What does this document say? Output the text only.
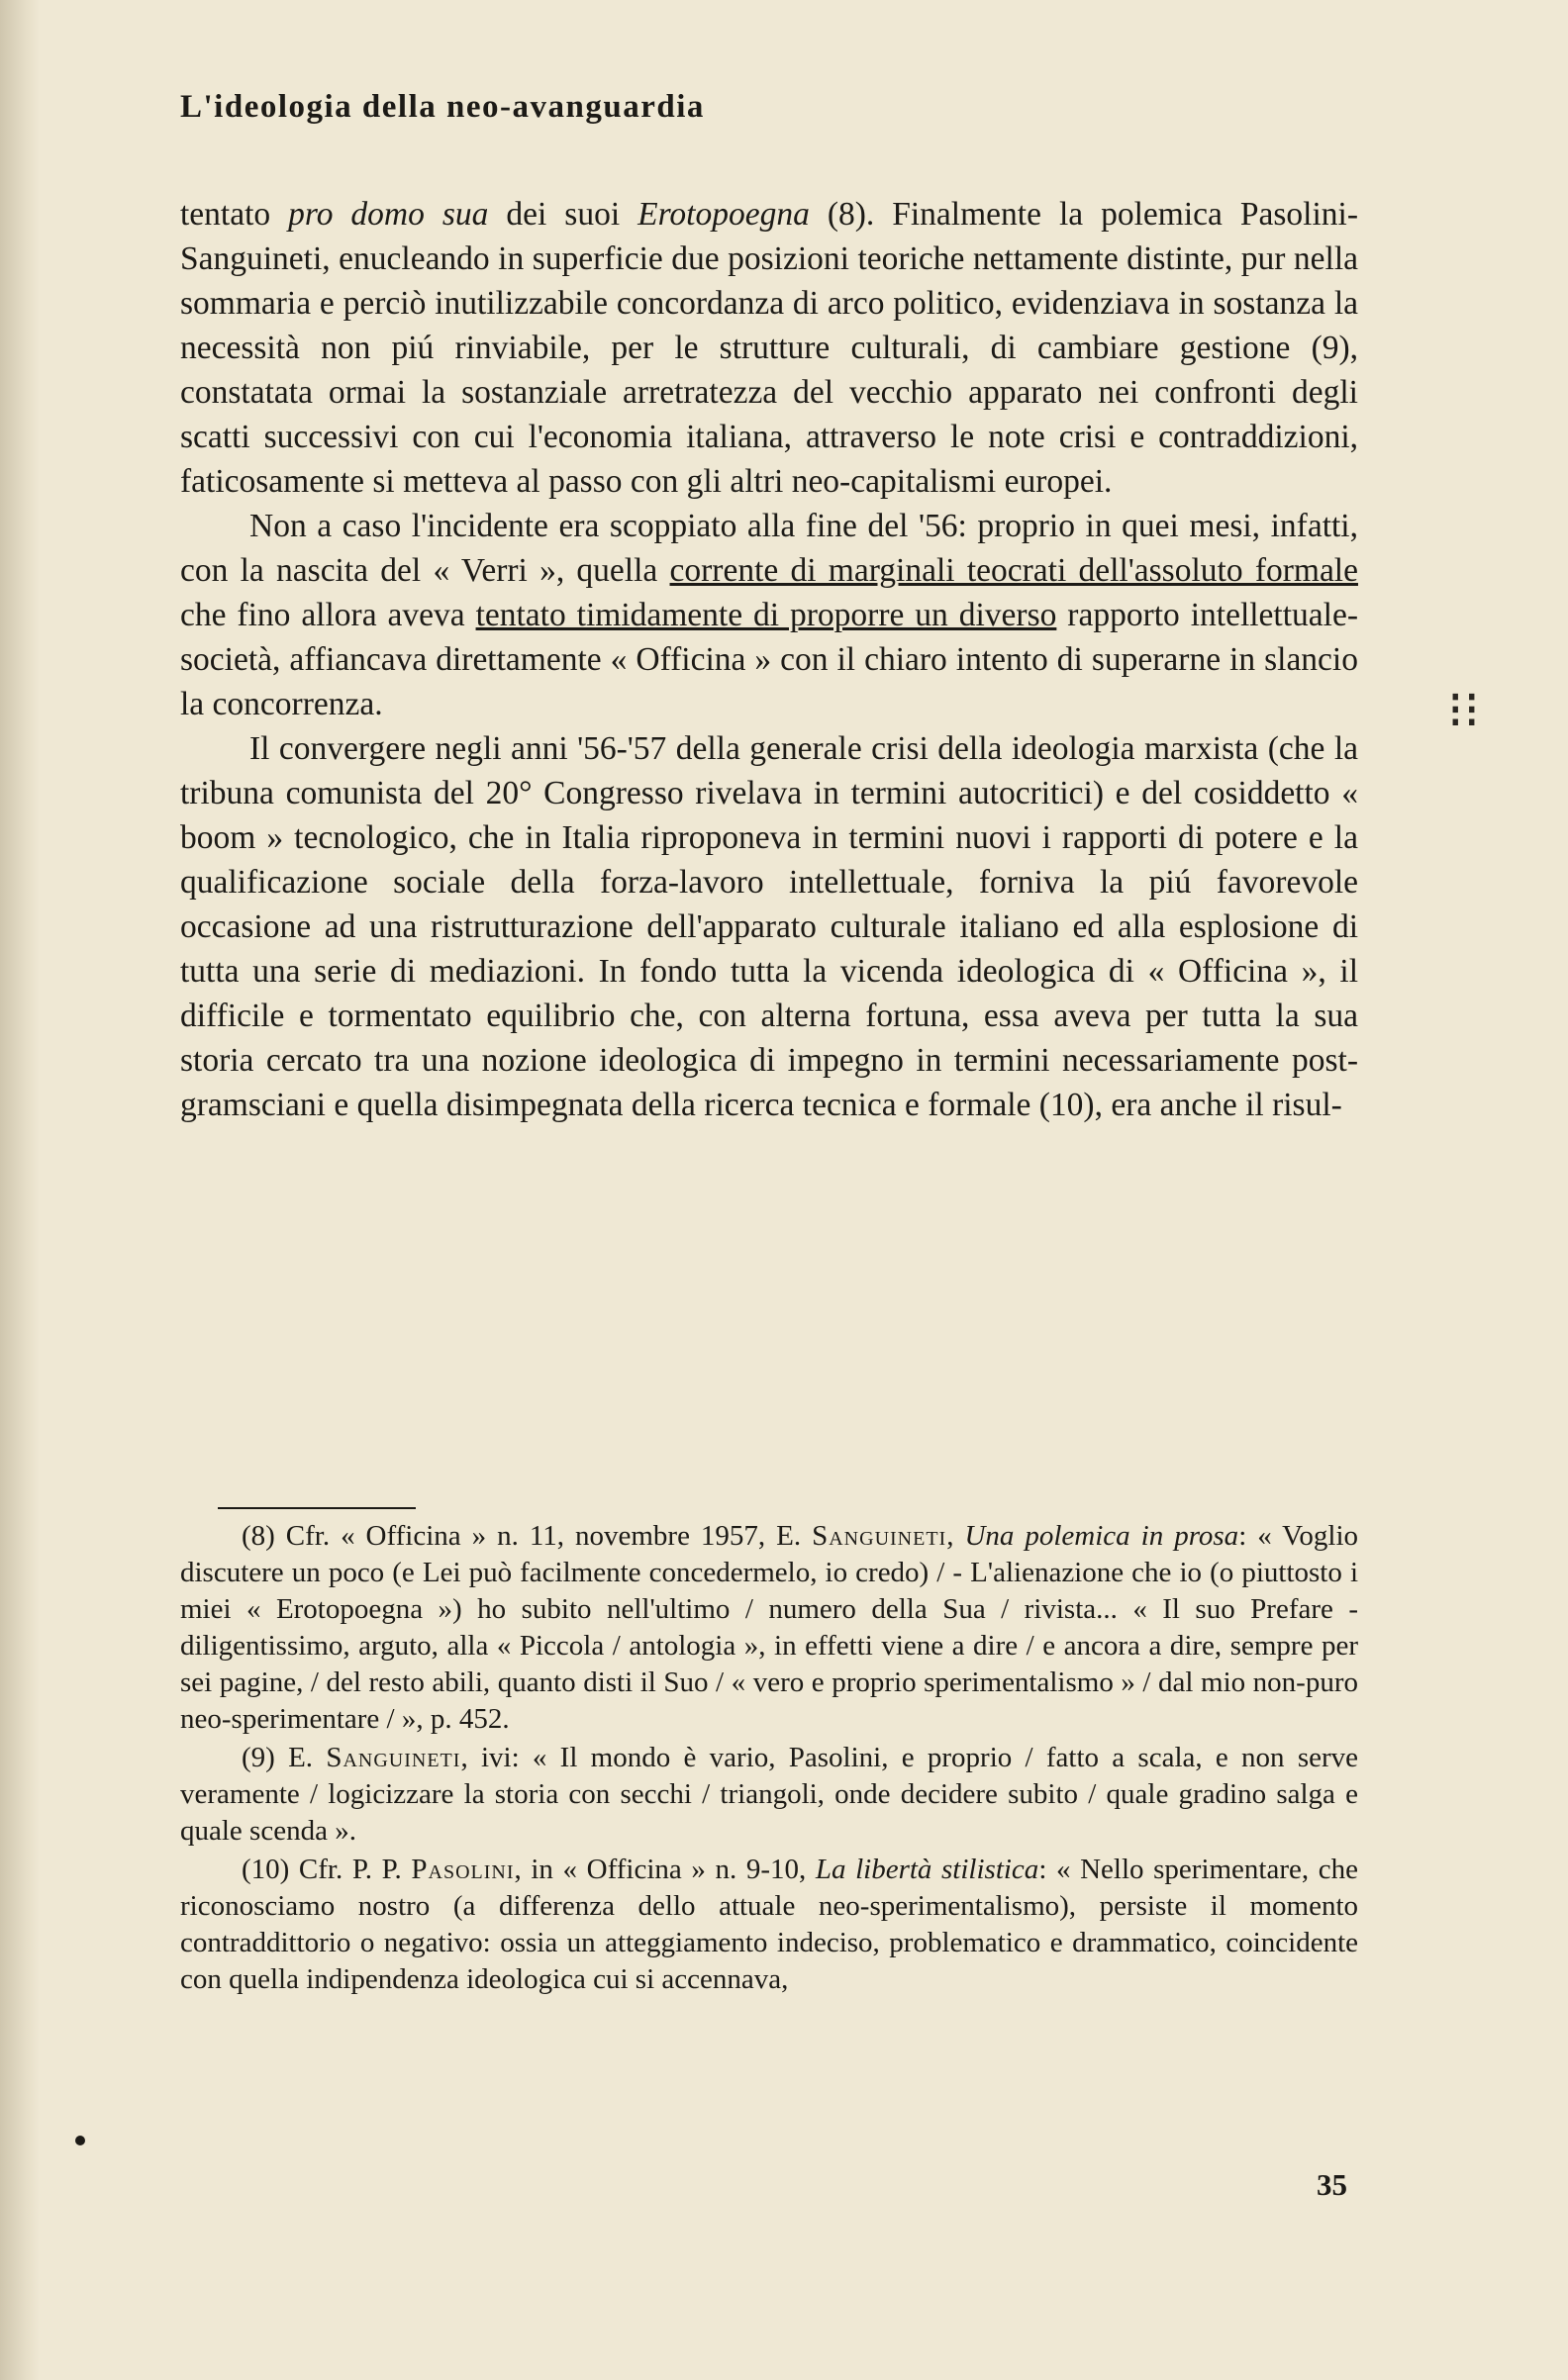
L'ideologia della neo-avanguardia

tentato pro domo sua dei suoi Erotopoegna (8). Finalmente la polemica Pasolini-Sanguineti, enucleando in superficie due posizioni teoriche nettamente distinte, pur nella sommaria e perciò inutilizzabile concordanza di arco politico, evidenziava in sostanza la necessità non piú rinviabile, per le strutture culturali, di cambiare gestione (9), constatata ormai la sostanziale arretratezza del vecchio apparato nei confronti degli scatti successivi con cui l'economia italiana, attraverso le note crisi e contraddizioni, faticosamente si metteva al passo con gli altri neo-capitalismi europei.

Non a caso l'incidente era scoppiato alla fine del '56: proprio in quei mesi, infatti, con la nascita del « Verri », quella corrente di marginali teocrati dell'assoluto formale che fino allora aveva tentato timidamente di proporre un diverso rapporto intellettuale-società, affiancava direttamente « Officina » con il chiaro intento di superarne in slancio la concorrenza.

Il convergere negli anni '56-'57 della generale crisi della ideologia marxista (che la tribuna comunista del 20° Congresso rivelava in termini autocritici) e del cosiddetto « boom » tecnologico, che in Italia riproponeva in termini nuovi i rapporti di potere e la qualificazione sociale della forza-lavoro intellettuale, forniva la piú favorevole occasione ad una ristrutturazione dell'apparato culturale italiano ed alla esplosione di tutta una serie di mediazioni. In fondo tutta la vicenda ideologica di « Officina », il difficile e tormentato equilibrio che, con alterna fortuna, essa aveva per tutta la sua storia cercato tra una nozione ideologica di impegno in termini necessariamente post-gramsciani e quella disimpegnata della ricerca tecnica e formale (10), era anche il risul-

⁝⁝

(8) Cfr. « Officina » n. 11, novembre 1957, E. Sanguineti, Una polemica in prosa: « Voglio discutere un poco (e Lei può facilmente concedermelo, io credo) / - L'alienazione che io (o piuttosto i miei « Erotopoegna ») ho subito nell'ultimo / numero della Sua / rivista... « Il suo Prefare - diligentissimo, arguto, alla « Piccola / antologia », in effetti viene a dire / e ancora a dire, sempre per sei pagine, / del resto abili, quanto disti il Suo / « vero e proprio sperimentalismo » / dal mio non-puro neo-sperimentare / », p. 452.

(9) E. Sanguineti, ivi: « Il mondo è vario, Pasolini, e proprio / fatto a scala, e non serve veramente / logicizzare la storia con secchi / triangoli, onde decidere subito / quale gradino salga e quale scenda ».

(10) Cfr. P. P. Pasolini, in « Officina » n. 9-10, La libertà stilistica: « Nello sperimentare, che riconosciamo nostro (a differenza dello attuale neo-sperimentalismo), persiste il momento contraddittorio o negativo: ossia un atteggiamento indeciso, problematico e drammatico, coincidente con quella indipendenza ideologica cui si accennava,

35
